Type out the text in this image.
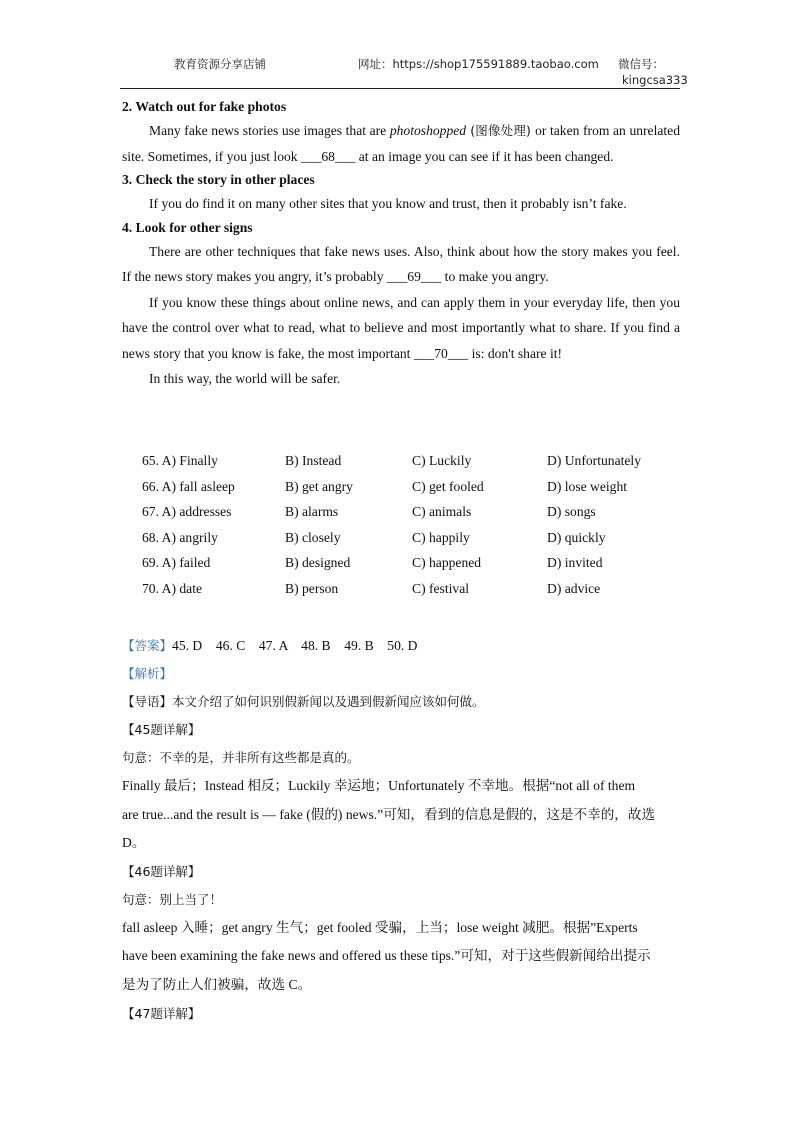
教育资源分享店铺	网址：https://shop175591889.taobao.com 微信号：
kingcsa333

2. Watch out for fake photos

Many fake news stories use images that are photoshopped (图像处理) or taken from an unrelated site. Sometimes, if you just look ___68___ at an image you can see if it has been changed.

3. Check the story in other places

If you do find it on many other sites that you know and trust, then it probably isn’t fake.

4. Look for other signs

There are other techniques that fake news uses. Also, think about how the story makes you feel. If the news story makes you angry, it’s probably ___69___ to make you angry.

If you know these things about online news, and can apply them in your everyday life, then you have the control over what to read, what to believe and most importantly what to share. If you find a news story that you know is fake, the most important ___70___ is: don't share it!

In this way, the world will be safer.

65. A) Finally	B) Instead	C) Luckily	D) Unfortunately
66. A) fall asleep	B) get angry	C) get fooled	D) lose weight
67. A) addresses	B) alarms	C) animals	D) songs
68. A) angrily	B) closely	C) happily	D) quickly
69. A) failed	B) designed	C) happened	D) invited
70. A) date	B) person	C) festival	D) advice

【答案】45. D　46. C　47. A　48. B　49. B　50. D

【解析】

【导语】本文介绍了如何识别假新闻以及遇到假新闻应该如何做。

【45题详解】

句意：不幸的是，并非所有这些都是真的。

Finally 最后；Instead 相反；Luckily 幸运地；Unfortunately 不幸地。根据“not all of them

are true...and the result is — fake (假的) news.”可知，看到的信息是假的，这是不幸的，故选

D。

【46题详解】

句意：别上当了！

fall asleep 入睡；get angry 生气；get fooled 受骗，上当；lose weight 减肥。根据”Experts

have been examining the fake news and offered us these tips.”可知，对于这些假新闻给出提示

是为了防止人们被骗，故选 C。

【47题详解】
